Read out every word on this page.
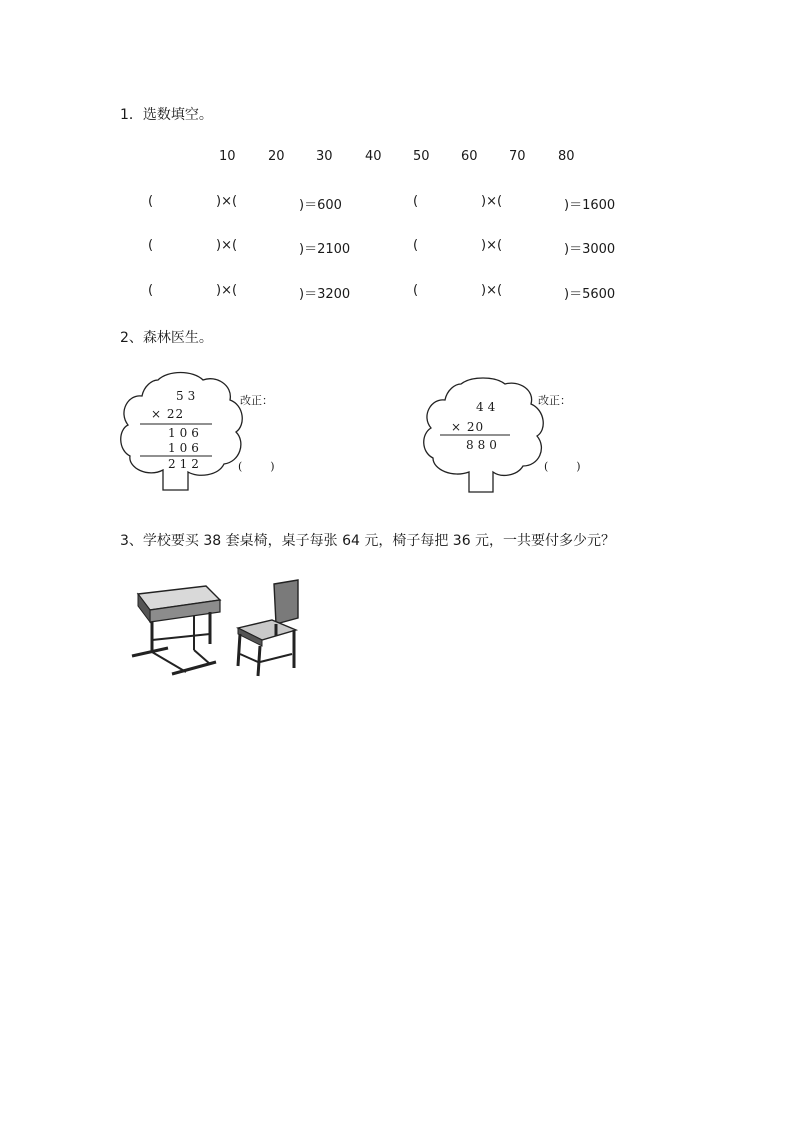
1．选数填空。
10 20 30 40 50 60 70 80
(	)×(	)＝600	(	)×(	)＝1600
(	)×(	)＝2100	(	)×(	)＝3000
(	)×(	)＝3200	(	)×(	)＝5600
2、森林医生。
53
× 22
106
106
212
改正：
(        )
44
× 20
880
改正：
(        )
3、学校要买 38 套桌椅，桌子每张 64 元，椅子每把 36 元，一共要付多少元？
